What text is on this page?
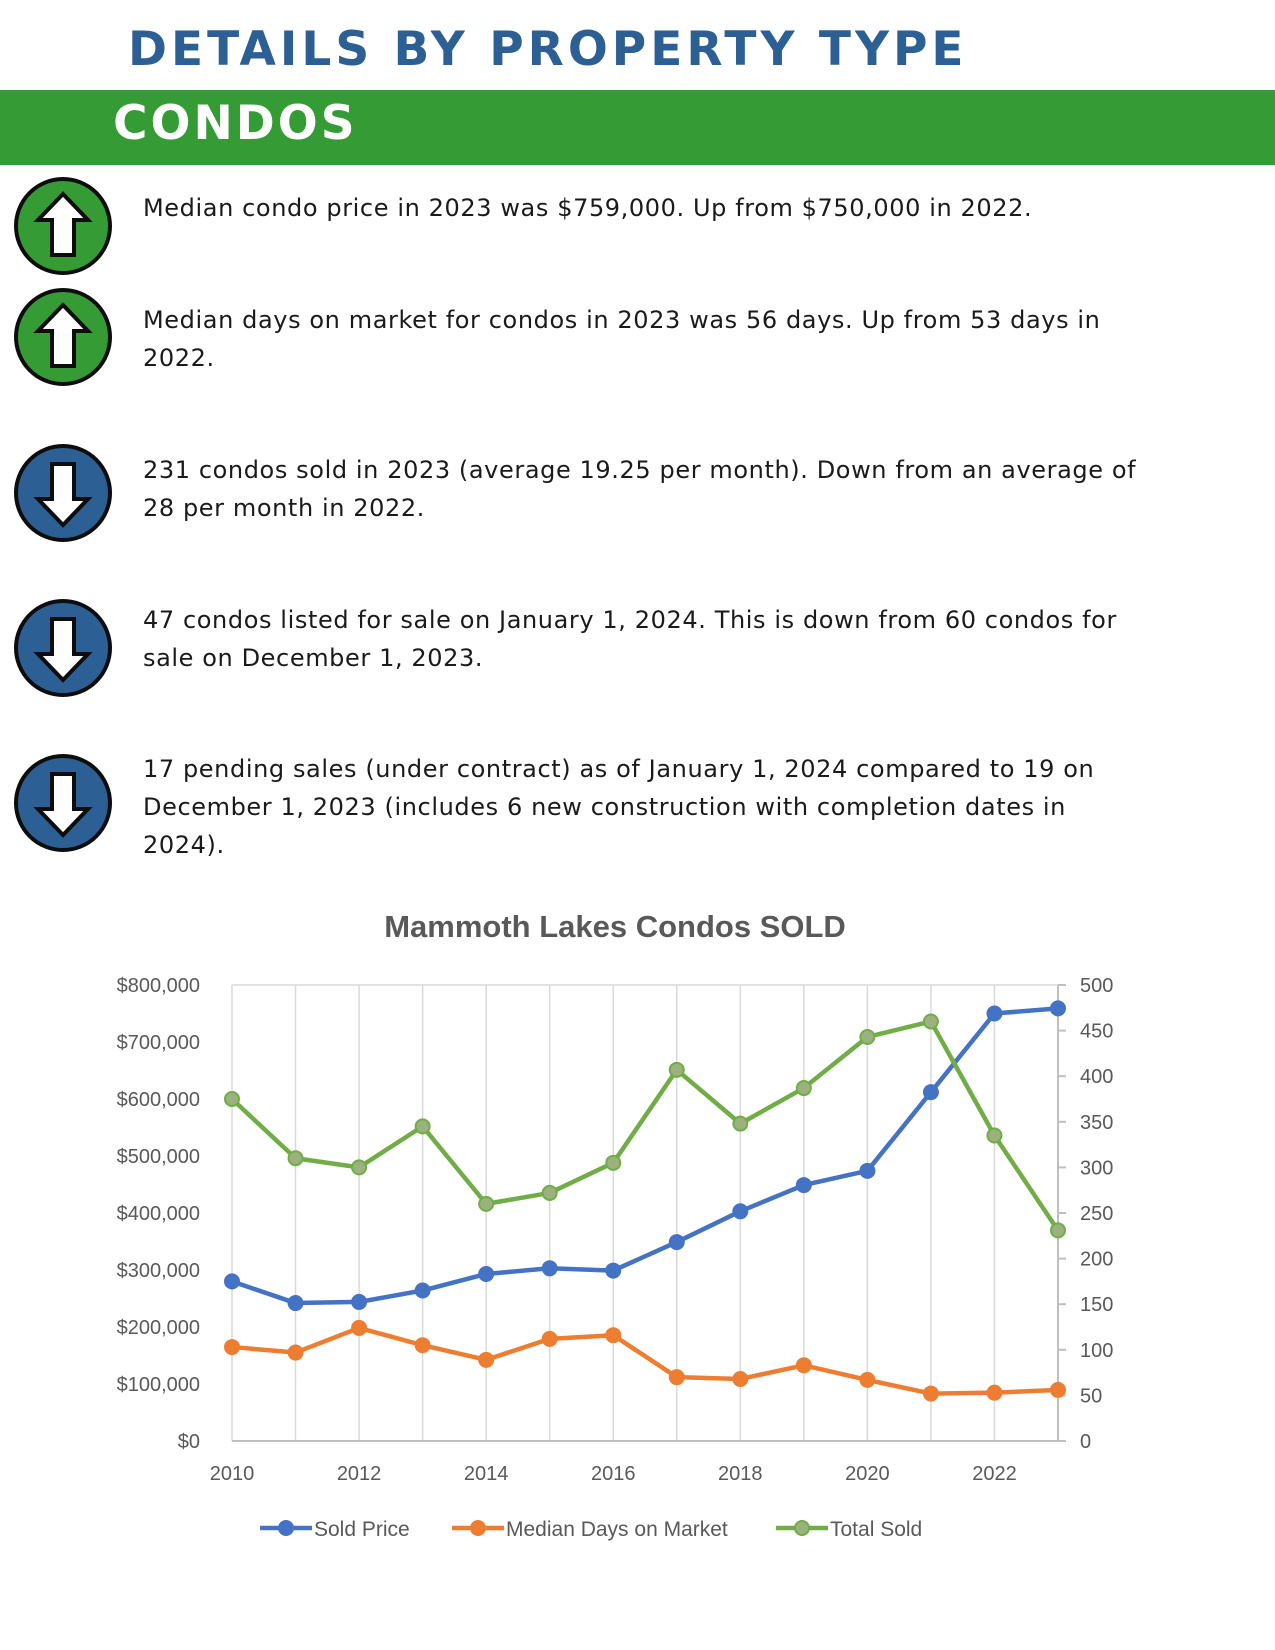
DETAILS BY PROPERTY TYPE
CONDOS

Median condo price in 2023 was $759,000. Up from $750,000 in 2022.

Median days on market for condos in 2023 was 56 days. Up from 53 days in 2022.

231 condos sold in 2023 (average 19.25 per month). Down from an average of 28 per month in 2022.

47 condos listed for sale on January 1, 2024. This is down from 60 condos for sale on December 1, 2023.

17 pending sales (under contract) as of January 1, 2024 compared to 19 on December 1, 2023 (includes 6 new construction with completion dates in 2024).

Mammoth Lakes Condos SOLD
0
50
100
150
200
250
300
350
400
450
500
$0
$100,000
$200,000
$300,000
$400,000
$500,000
$600,000
$700,000
$800,000
2010	2012	2014	2016	2018	2020	2022
Sold Price	Median Days on Market	Total Sold
